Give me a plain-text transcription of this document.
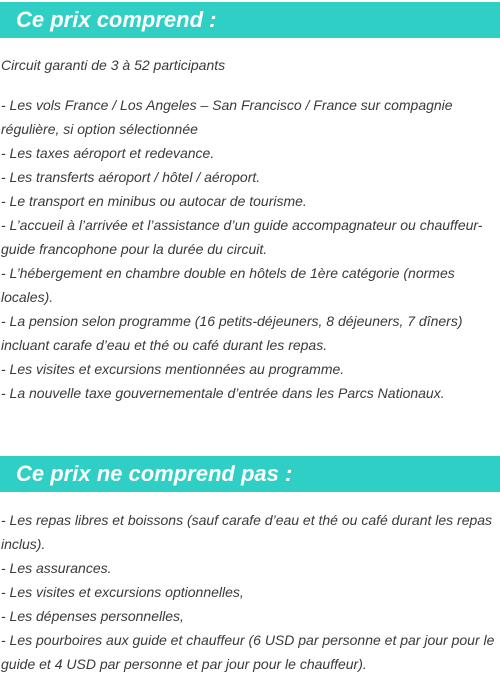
Ce prix comprend :

Circuit garanti de 3 à 52 participants

- Les vols France / Los Angeles – San Francisco / France sur compagnie régulière, si option sélectionnée

- Les taxes aéroport et redevance.

- Les transferts aéroport / hôtel / aéroport.

- Le transport en minibus ou autocar de tourisme.

- L’accueil à l’arrivée et l’assistance d’un guide accompagnateur ou chauffeur-guide francophone pour la durée du circuit.

- L’hébergement en chambre double en hôtels de 1ère catégorie (normes locales).

- La pension selon programme (16 petits-déjeuners, 8 déjeuners, 7 dîners) incluant carafe d’eau et thé ou café durant les repas.

- Les visites et excursions mentionnées au programme.

- La nouvelle taxe gouvernementale d’entrée dans les Parcs Nationaux.

Ce prix ne comprend pas :

- Les repas libres et boissons (sauf carafe d’eau et thé ou café durant les repas inclus).

- Les assurances.

- Les visites et excursions optionnelles,

- Les dépenses personnelles,

- Les pourboires aux guide et chauffeur (6 USD par personne et par jour pour le guide et 4 USD par personne et par jour pour le chauffeur).
